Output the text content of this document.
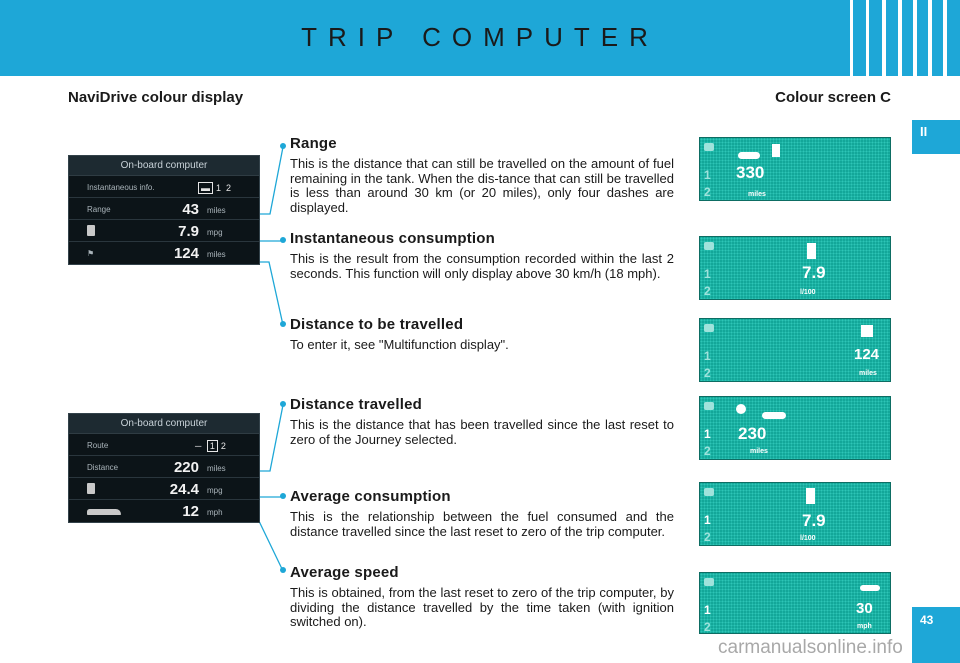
TRIP COMPUTER
II
43
NaviDrive colour display	Colour screen C
Range

This is the distance that can still be travelled on the amount of fuel remaining in the tank. When the dis-tance that can still be travelled is less than around 30 km (or 20 miles), only four dashes are displayed.

Instantaneous consumption

This is the result from the consumption recorded within the last 2 seconds. This function will only display above 30 km/h (18 mph).

Distance to be travelled

To enter it, see "Multifunction display".

Distance travelled

This is the distance that has been travelled since the last reset to zero of the Journey selected.

Average consumption

This is the relationship between the fuel consumed and the distance travelled since the last reset to zero of the trip computer.

Average speed

This is obtained, from the last reset to zero of the trip computer, by dividing the distance travelled by the time taken (with ignition switched on).

On-board computer
Instantaneous info.	▬ 1 2
Range	43 miles
7.9 mpg
⚑	124 miles
On-board computer
Route	─ 1 2
Distance	220 miles
24.4 mpg
12 mph
1
2
330
miles
1
2
7.9
l/100
1
2
124
miles
1
2
230
miles
1
2
7.9
l/100
1
2
30
mph
carmanualsonline.info
